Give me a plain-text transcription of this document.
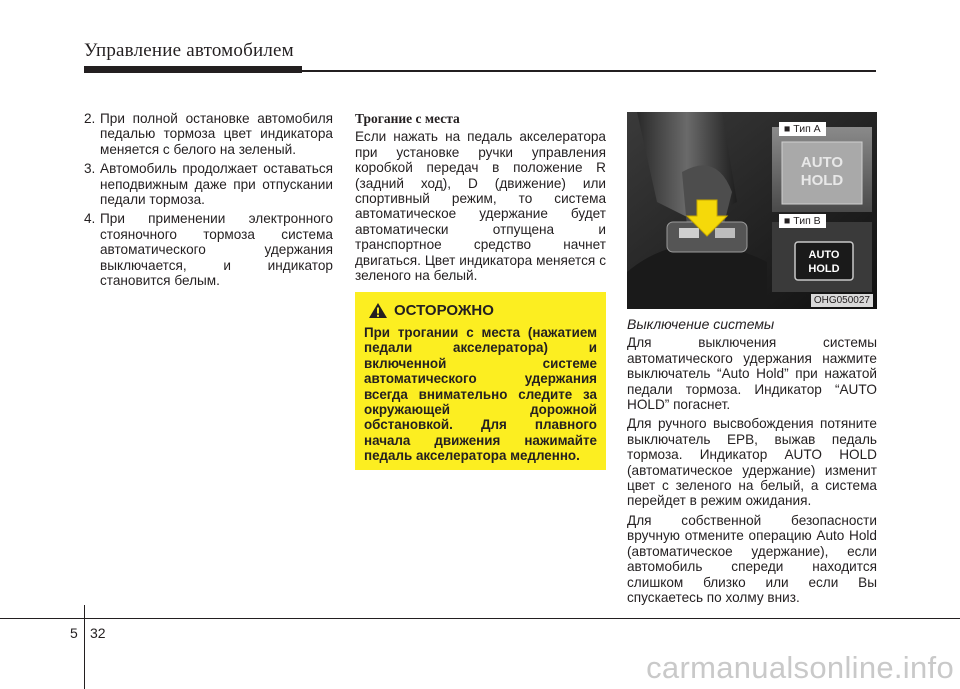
Управление автомобилем
2. При полной остановке автомобиля педалью тормоза цвет индикатора меняется с белого на зеленый.
3. Автомобиль продолжает оставаться неподвижным даже при отпускании педали тормоза.
4. При применении электронного стояночного тормоза система автоматического удержания выключается, и индикатор становится белым.
Трогание с места

Если нажать на педаль акселератора при установке ручки управления коробкой передач в положение R (задний ход), D (движение) или спортивный режим, то система автоматическое удержание будет автоматически отпущена и транспортное средство начнет двигаться. Цвет индикатора меняется с зеленого на белый.

ОСТОРОЖНО
При трогании с места (нажатием педали акселератора) и включенной системе автоматического удержания всегда внимательно следите за окружающей дорожной обстановкой. Для плавного начала движения нажимайте педаль акселератора медленно.
AUTO
HOLD
AUTO
HOLD
■ Тип A
■ Тип B
OHG050027
Выключение системы

Для выключения системы автоматического удержания нажмите выключатель “Auto Hold” при нажатой педали тормоза. Индикатор “AUTO HOLD” погаснет.

Для ручного высвобождения потяните выключатель EPB, выжав педаль тормоза. Индикатор AUTO HOLD (автоматическое удержание) изменит цвет с зеленого на белый, а система перейдет в режим ожидания.

Для собственной безопасности вручную отмените операцию Auto Hold (автоматическое удержание), если автомобиль спереди находится слишком близко или если Вы спускаетесь по холму вниз.

5 32
carmanualsonline.info
